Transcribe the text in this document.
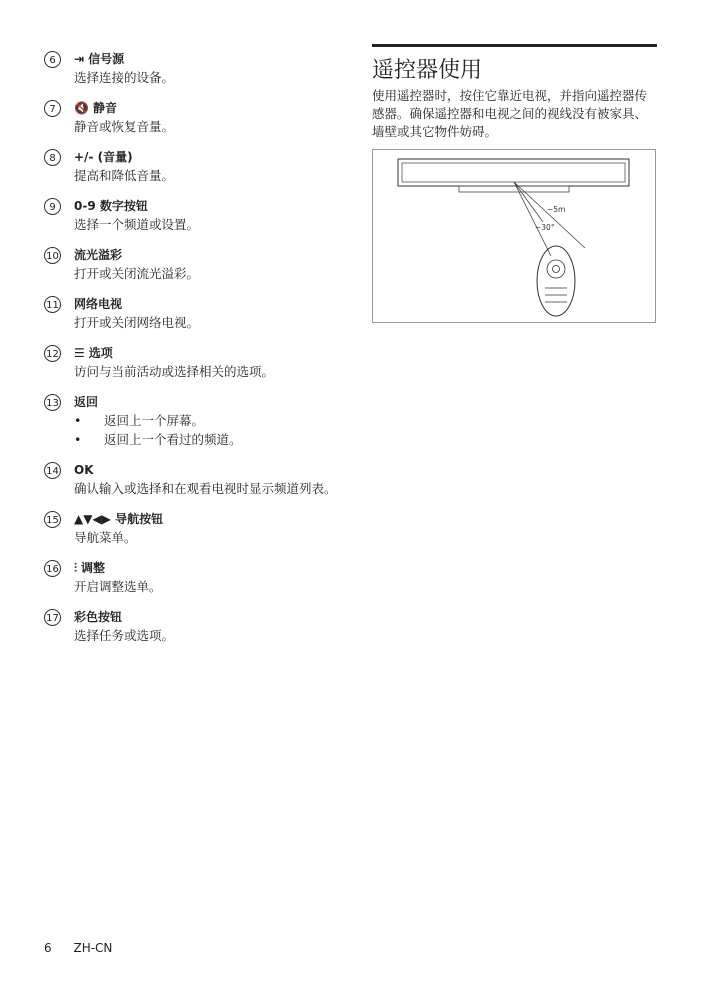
6	⇥ 信号源
选择连接的设备。
7	🔇 静音
静音或恢复音量。
8	+/- (音量)
提高和降低音量。
9	0-9 数字按钮
选择一个频道或设置。
10 流光溢彩
打开或关闭流光溢彩。
11 网络电视
打开或关闭网络电视。
12 ☰ 选项
访问与当前活动或选择相关的选项。
13 返回
• 返回上一个屏幕。
• 返回上一个看过的频道。
14 OK
确认输入或选择和在观看电视时显示频道列表。
15 ▲▼◀▶ 导航按钮
导航菜单。
16 ⫶ 调整
开启调整选单。
17 彩色按钮
选择任务或选项。
遥控器使用
使用遥控器时，按住它靠近电视，并指向遥控器传感器。确保遥控器和电视之间的视线没有被家具、墙壁或其它物件妨碍。
~5m
~30°
6 ZH-CN
